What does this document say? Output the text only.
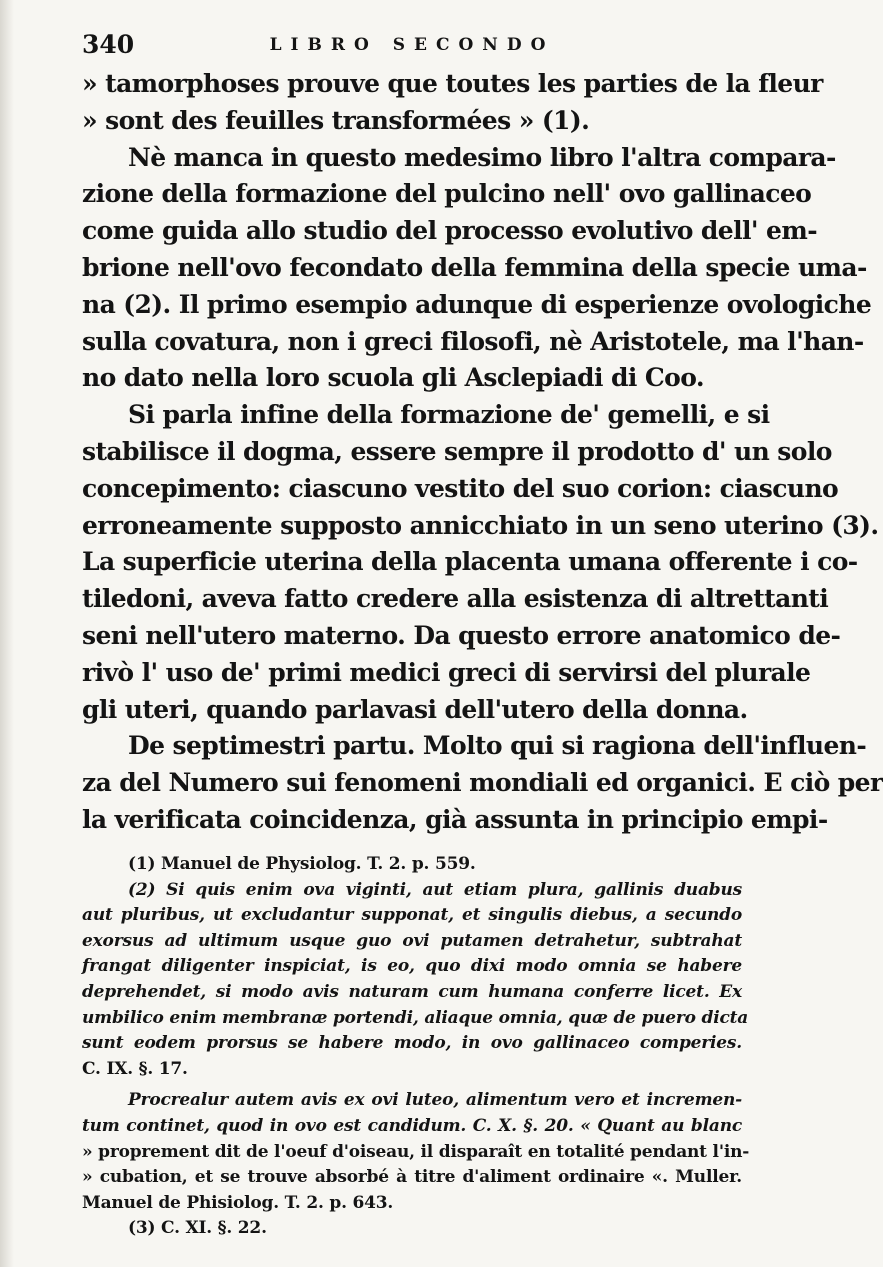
340	LIBRO SECONDO
» tamorphoses prouve que toutes les parties de la fleur
» sont des feuilles transformées » (1).
Nè manca in questo medesimo libro l'altra compara-
zione della formazione del pulcino nell' ovo gallinaceo
come guida allo studio del processo evolutivo dell' em-
brione nell'ovo fecondato della femmina della specie uma-
na (2). Il primo esempio adunque di esperienze ovologiche
sulla covatura, non i greci filosofi, nè Aristotele, ma l'han-
no dato nella loro scuola gli Asclepiadi di Coo.
Si parla infine della formazione de' gemelli, e si
stabilisce il dogma, essere sempre il prodotto d' un solo
concepimento: ciascuno vestito del suo corion: ciascuno
erroneamente supposto annicchiato in un seno uterino (3).
La superficie uterina della placenta umana offerente i co-
tiledoni, aveva fatto credere alla esistenza di altrettanti
seni nell'utero materno. Da questo errore anatomico de-
rivò l' uso de' primi medici greci di servirsi del plurale
gli uteri, quando parlavasi dell'utero della donna.
De septimestri partu. Molto qui si ragiona dell'influen-
za del Numero sui fenomeni mondiali ed organici. E ciò per
la verificata coincidenza, già assunta in principio empi-
(1) Manuel de Physiolog. T. 2. p. 559.
(2) Si quis enim ova viginti, aut etiam plura, gallinis duabus
aut pluribus, ut excludantur supponat, et singulis diebus, a secundo
exorsus ad ultimum usque guo ovi putamen detrahetur, subtrahat
frangat diligenter inspiciat, is eo, quo dixi modo omnia se habere
deprehendet, si modo avis naturam cum humana conferre licet. Ex
umbilico enim membranæ portendi, aliaque omnia, quæ de puero dicta
sunt eodem prorsus se habere modo, in ovo gallinaceo comperies.
C. IX. §. 17.
Procrealur autem avis ex ovi luteo, alimentum vero et incremen-
tum continet, quod in ovo est candidum. C. X. §. 20. « Quant au blanc
» proprement dit de l'oeuf d'oiseau, il disparaît en totalité pendant l'in-
» cubation, et se trouve absorbé à titre d'aliment ordinaire «. Muller.
Manuel de Phisiolog. T. 2. p. 643.
(3) C. XI. §. 22.
